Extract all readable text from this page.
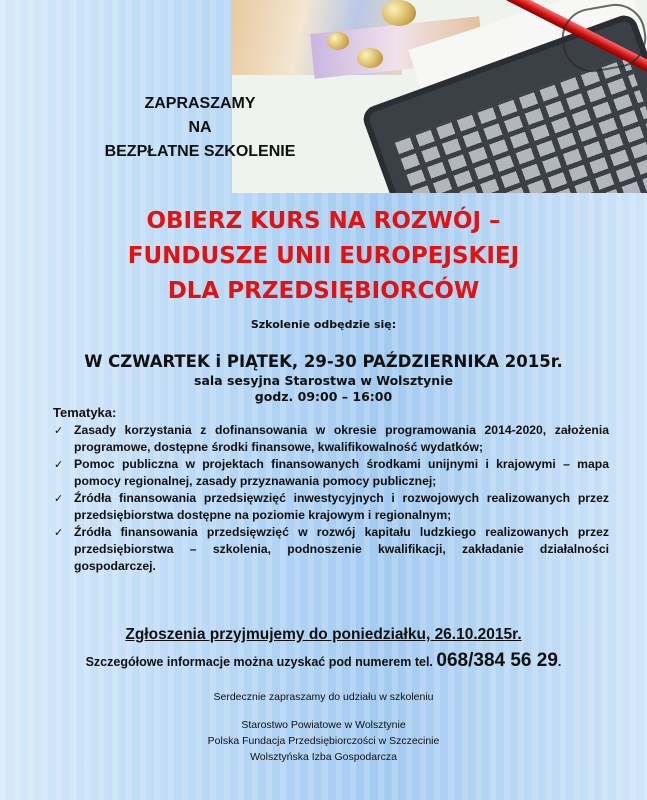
ZAPRASZAMY
NA
BEZPŁATNE SZKOLENIE
OBIERZ KURS NA ROZWÓJ –
FUNDUSZE UNII EUROPEJSKIEJ
DLA PRZEDSIĘBIORCÓW
Szkolenie odbędzie się:
W CZWARTEK i PIĄTEK, 29-30 PAŹDZIERNIKA 2015r.
sala sesyjna Starostwa w Wolsztynie
godz. 09:00 – 16:00
Tematyka:
✓ Zasady korzystania z dofinansowania w okresie programowania 2014-2020, założenia programowe, dostępne środki finansowe, kwalifikowalność wydatków;
✓ Pomoc publiczna w projektach finansowanych środkami unijnymi i krajowymi – mapa pomocy regionalnej, zasady przyznawania pomocy publicznej;
✓ Źródła finansowania przedsięwzięć inwestycyjnych i rozwojowych realizowanych przez przedsiębiorstwa dostępne na poziomie krajowym i regionalnym;
✓ Źródła finansowania przedsięwzięć w rozwój kapitału ludzkiego realizowanych przez przedsiębiorstwa – szkolenia, podnoszenie kwalifikacji, zakładanie działalności gospodarczej.
Zgłoszenia przyjmujemy do poniedziałku, 26.10.2015r.
Szczegółowe informacje można uzyskać pod numerem tel. 068/384 56 29.
Serdecznie zapraszamy do udziału w szkoleniu
Starostwo Powiatowe w Wolsztynie
Polska Fundacja Przedsiębiorczości w Szczecinie
Wolsztyńska Izba Gospodarcza
